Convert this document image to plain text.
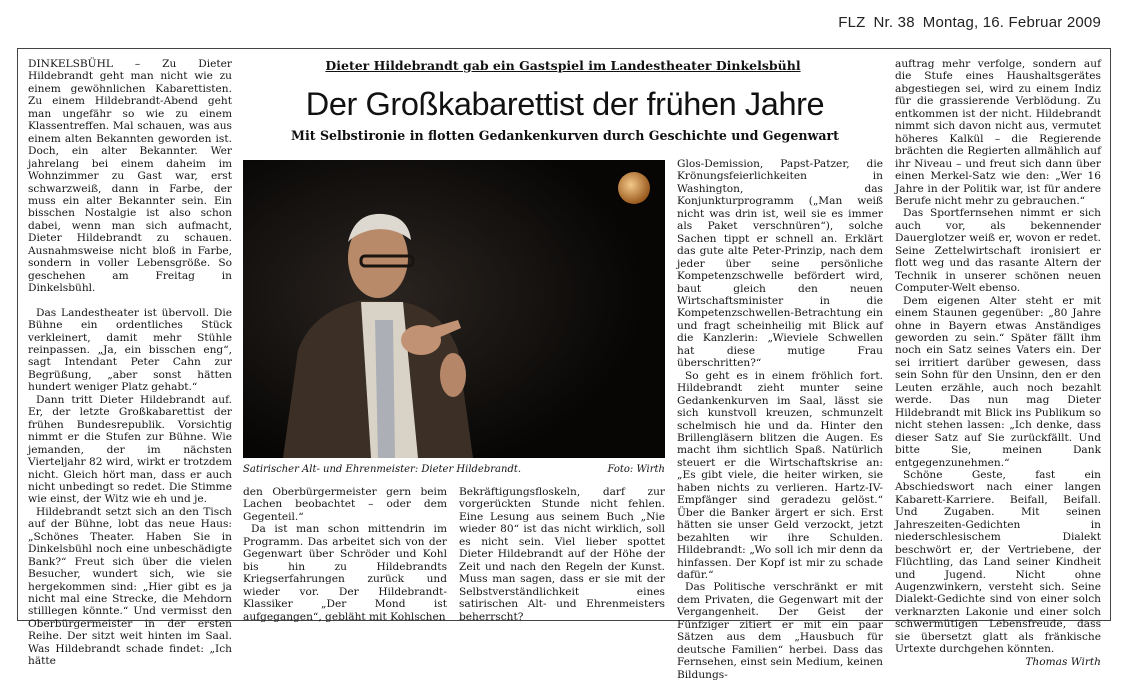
FLZ Nr. 38 Montag, 16. Februar 2009
Dieter Hildebrandt gab ein Gastspiel im Landestheater Dinkelsbühl
Der Großkabarettist der frühen Jahre
Mit Selbstironie in flotten Gedankenkurven durch Geschichte und Gegenwart

DINKELSBÜHL – Zu Dieter Hildebrandt geht man nicht wie zu einem gewöhnlichen Kabarettisten. Zu einem Hildebrandt-Abend geht man ungefähr so wie zu einem Klassentreffen. Mal schauen, was aus einem alten Bekannten geworden ist. Doch, ein alter Bekannter. Wer jahrelang bei einem daheim im Wohnzimmer zu Gast war, erst schwarzweiß, dann in Farbe, der muss ein alter Bekannter sein. Ein bisschen Nostalgie ist also schon dabei, wenn man sich aufmacht, Dieter Hildebrandt zu schauen. Ausnahmsweise nicht bloß in Farbe, sondern in voller Lebensgröße. So geschehen am Freitag in Dinkelsbühl.

Das Landestheater ist übervoll. Die Bühne ein ordentliches Stück verkleinert, damit mehr Stühle reinpassen. „Ja, ein bisschen eng“, sagt Intendant Peter Cahn zur Begrüßung, „aber sonst hätten hundert weniger Platz gehabt.“

Dann tritt Dieter Hildebrandt auf. Er, der letzte Großkabarettist der frühen Bundesrepublik. Vorsichtig nimmt er die Stufen zur Bühne. Wie jemanden, der im nächsten Vierteljahr 82 wird, wirkt er trotzdem nicht. Gleich hört man, dass er auch nicht unbedingt so redet. Die Stimme wie einst, der Witz wie eh und je.

Hildebrandt setzt sich an den Tisch auf der Bühne, lobt das neue Haus: „Schönes Theater. Haben Sie in Dinkelsbühl noch eine unbeschädigte Bank?“ Freut sich über die vielen Besucher, wundert sich, wie sie hergekommen sind: „Hier gibt es ja nicht mal eine Strecke, die Mehdorn stilllegen könnte.“ Und vermisst den Oberbürgermeister in der ersten Reihe. Der sitzt weit hinten im Saal. Was Hildebrandt schade findet: „Ich hätte

Satirischer Alt- und Ehrenmeister: Dieter Hildebrandt.	Foto: Wirth

den Oberbürgermeister gern beim Lachen beobachtet – oder dem Gegenteil.“

Da ist man schon mittendrin im Programm. Das arbeitet sich von der Gegenwart über Schröder und Kohl bis hin zu Hildebrandts Kriegserfahrungen zurück und wieder vor. Der Hildebrandt-Klassiker „Der Mond ist aufgegangen“, gebläht mit Kohlschen

Bekräftigungsfloskeln, darf zur vorgerückten Stunde nicht fehlen. Eine Lesung aus seinem Buch „Nie wieder 80“ ist das nicht wirklich, soll es nicht sein. Viel lieber spottet Dieter Hildebrandt auf der Höhe der Zeit und nach den Regeln der Kunst. Muss man sagen, dass er sie mit der Selbstverständlichkeit eines satirischen Alt- und Ehrenmeisters beherrscht?

Glos-Demission, Papst-Patzer, die Krönungsfeierlichkeiten in Washington, das Konjunkturprogramm („Man weiß nicht was drin ist, weil sie es immer als Paket verschnüren“), solche Sachen tippt er schnell an. Erklärt das gute alte Peter-Prinzip, nach dem jeder über seine persönliche Kompetenzschwelle befördert wird, baut gleich den neuen Wirtschaftsminister in die Kompetenzschwellen-Betrachtung ein und fragt scheinheilig mit Blick auf die Kanzlerin: „Wieviele Schwellen hat diese mutige Frau überschritten?“

So geht es in einem fröhlich fort. Hildebrandt zieht munter seine Gedankenkurven im Saal, lässt sie sich kunstvoll kreuzen, schmunzelt schelmisch hie und da. Hinter den Brillengläsern blitzen die Augen. Es macht ihm sichtlich Spaß. Natürlich steuert er die Wirtschaftskrise an: „Es gibt viele, die heiter wirken, sie haben nichts zu verlieren. Hartz-IV-Empfänger sind geradezu gelöst.“ Über die Banker ärgert er sich. Erst hätten sie unser Geld verzockt, jetzt bezahlten wir ihre Schulden. Hildebrandt: „Wo soll ich mir denn da hinfassen. Der Kopf ist mir zu schade dafür.“

Das Politische verschränkt er mit dem Privaten, die Gegenwart mit der Vergangenheit. Der Geist der Fünfziger zitiert er mit ein paar Sätzen aus dem „Hausbuch für deutsche Familien“ herbei. Dass das Fernsehen, einst sein Medium, keinen Bildungs-

auftrag mehr verfolge, sondern auf die Stufe eines Haushaltsgerätes abgestiegen sei, wird zu einem Indiz für die grassierende Verblödung. Zu entkommen ist der nicht. Hildebrandt nimmt sich davon nicht aus, vermutet höheres Kalkül – die Regierende brächten die Regierten allmählich auf ihr Niveau – und freut sich dann über einen Merkel-Satz wie den: „Wer 16 Jahre in der Politik war, ist für andere Berufe nicht mehr zu gebrauchen.“

Das Sportfernsehen nimmt er sich auch vor, als bekennender Dauerglotzer weiß er, wovon er redet. Seine Zettelwirtschaft ironisiert er flott weg und das rasante Altern der Technik in unserer schönen neuen Computer-Welt ebenso.

Dem eigenen Alter steht er mit einem Staunen gegenüber: „80 Jahre ohne in Bayern etwas Anständiges geworden zu sein.“ Später fällt ihm noch ein Satz seines Vaters ein. Der sei irritiert darüber gewesen, dass sein Sohn für den Unsinn, den er den Leuten erzähle, auch noch bezahlt werde. Das nun mag Dieter Hildebrandt mit Blick ins Publikum so nicht stehen lassen: „Ich denke, dass dieser Satz auf Sie zurückfällt. Und bitte Sie, meinen Dank entgegenzunehmen.“

Schöne Geste, fast ein Abschiedswort nach einer langen Kabarett-Karriere. Beifall, Beifall. Und Zugaben. Mit seinen Jahreszeiten-Gedichten in niederschlesischem Dialekt beschwört er, der Vertriebene, der Flüchtling, das Land seiner Kindheit und Jugend. Nicht ohne Augenzwinkern, versteht sich. Seine Dialekt-Gedichte sind von einer solch verknarzten Lakonie und einer solch schwermütigen Lebensfreude, dass sie übersetzt glatt als fränkische Urtexte durchgehen könnten.
Thomas Wirth
